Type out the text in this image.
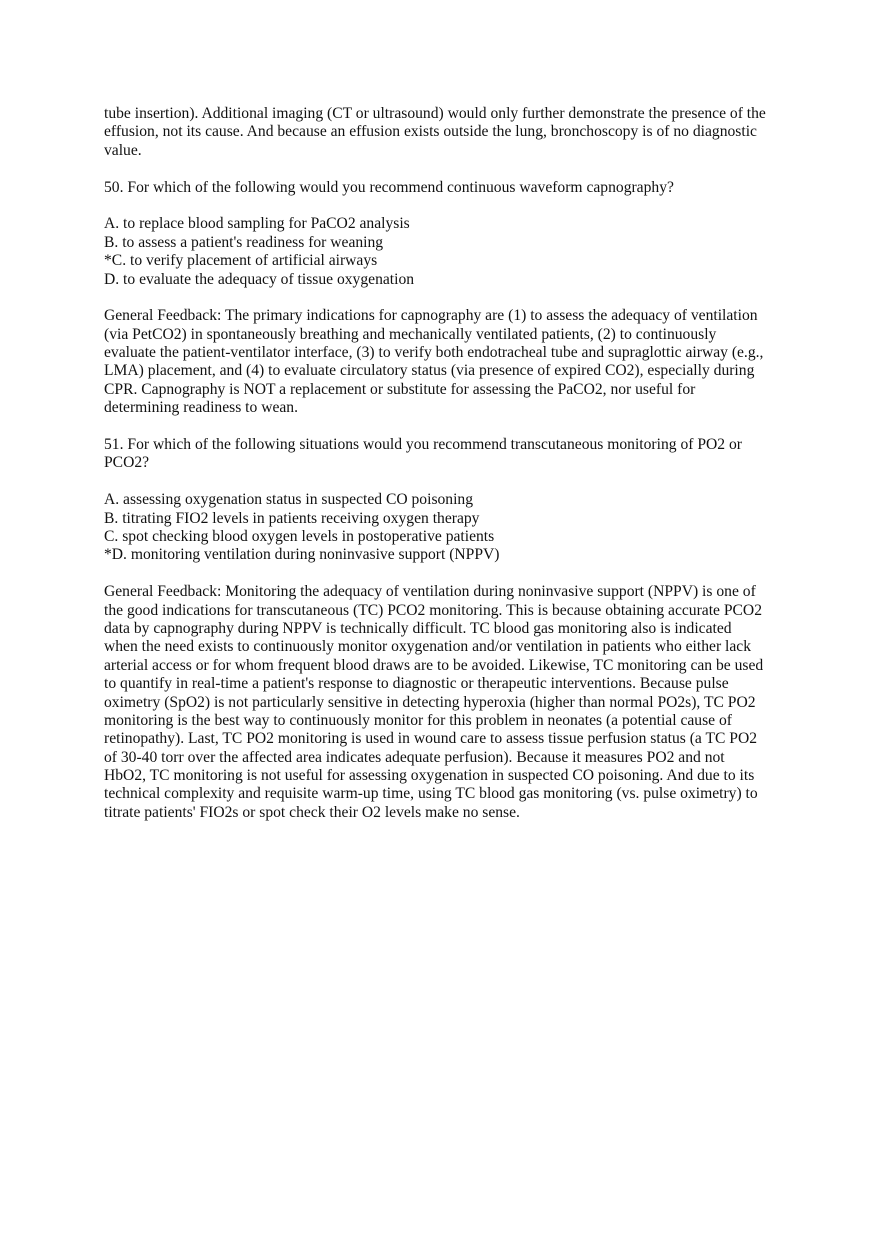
tube insertion). Additional imaging (CT or ultrasound) would only further demonstrate the presence of the
effusion, not its cause. And because an effusion exists outside the lung, bronchoscopy is of no diagnostic
value.
50. For which of the following would you recommend continuous waveform capnography?
A. to replace blood sampling for PaCO2 analysis
B. to assess a patient's readiness for weaning
*C. to verify placement of artificial airways
D. to evaluate the adequacy of tissue oxygenation
General Feedback: The primary indications for capnography are (1) to assess the adequacy of ventilation
(via PetCO2) in spontaneously breathing and mechanically ventilated patients, (2) to continuously
evaluate the patient-ventilator interface, (3) to verify both endotracheal tube and supraglottic airway (e.g.,
LMA) placement, and (4) to evaluate circulatory status (via presence of expired CO2), especially during
CPR. Capnography is NOT a replacement or substitute for assessing the PaCO2, nor useful for
determining readiness to wean.
51. For which of the following situations would you recommend transcutaneous monitoring of PO2 or
PCO2?
A. assessing oxygenation status in suspected CO poisoning
B. titrating FIO2 levels in patients receiving oxygen therapy
C. spot checking blood oxygen levels in postoperative patients
*D. monitoring ventilation during noninvasive support (NPPV)
General Feedback: Monitoring the adequacy of ventilation during noninvasive support (NPPV) is one of
the good indications for transcutaneous (TC) PCO2 monitoring. This is because obtaining accurate PCO2
data by capnography during NPPV is technically difficult. TC blood gas monitoring also is indicated
when the need exists to continuously monitor oxygenation and/or ventilation in patients who either lack
arterial access or for whom frequent blood draws are to be avoided. Likewise, TC monitoring can be used
to quantify in real-time a patient's response to diagnostic or therapeutic interventions. Because pulse
oximetry (SpO2) is not particularly sensitive in detecting hyperoxia (higher than normal PO2s), TC PO2
monitoring is the best way to continuously monitor for this problem in neonates (a potential cause of
retinopathy). Last, TC PO2 monitoring is used in wound care to assess tissue perfusion status (a TC PO2
of 30-40 torr over the affected area indicates adequate perfusion). Because it measures PO2 and not
HbO2, TC monitoring is not useful for assessing oxygenation in suspected CO poisoning. And due to its
technical complexity and requisite warm-up time, using TC blood gas monitoring (vs. pulse oximetry) to
titrate patients' FIO2s or spot check their O2 levels make no sense.
